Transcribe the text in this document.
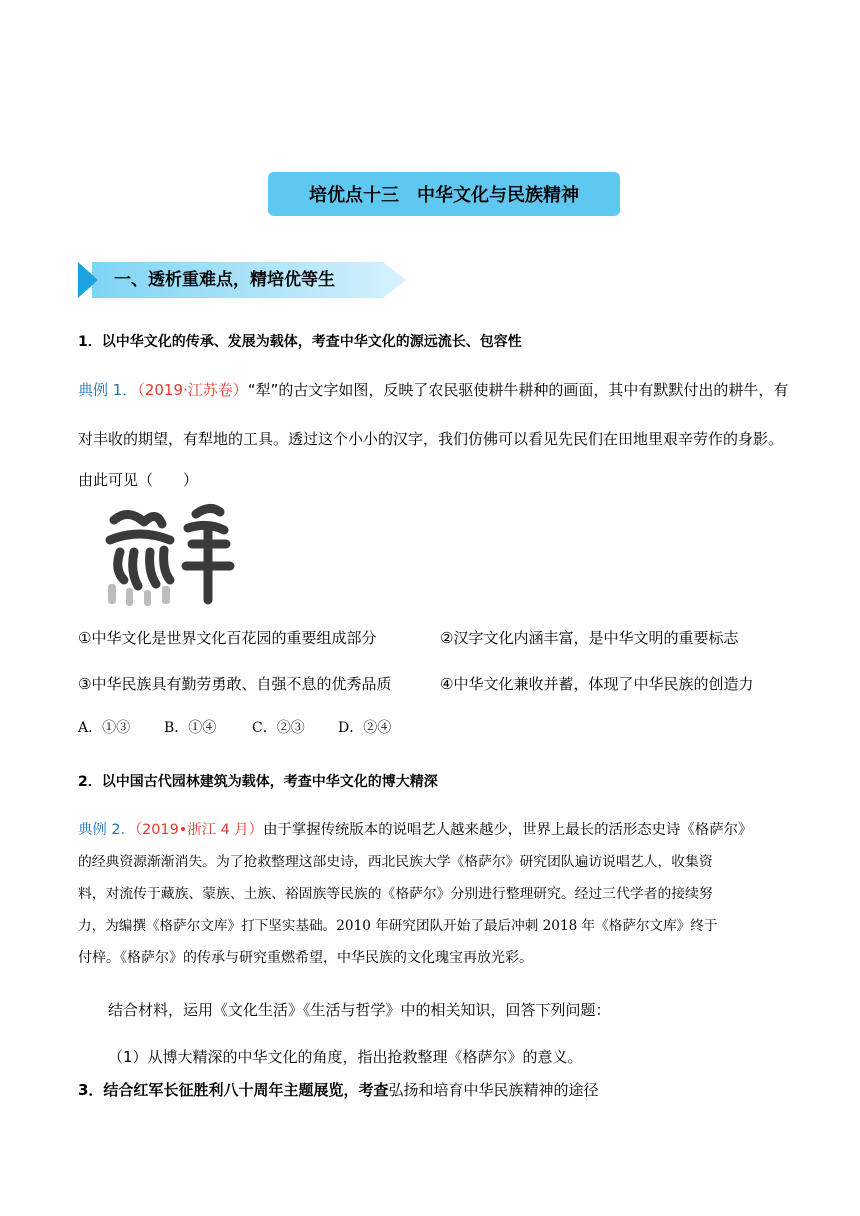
培优点十三　中华文化与民族精神
一、透析重难点，精培优等生
1．以中华文化的传承、发展为载体，考查中华文化的源远流长、包容性
典例 1．（2019·江苏卷）“犁”的古文字如图，反映了农民驱使耕牛耕种的画面，其中有默默付出的耕牛，有
对丰收的期望，有犁地的工具。透过这个小小的汉字，我们仿佛可以看见先民们在田地里艰辛劳作的身影。
由此可见（　　）
①中华文化是世界文化百花园的重要组成部分	②汉字文化内涵丰富，是中华文明的重要标志
③中华民族具有勤劳勇敢、自强不息的优秀品质	④中华文化兼收并蓄，体现了中华民族的创造力
A．①③ B．①④	C．②③ D．②④
2．以中国古代园林建筑为载体，考查中华文化的博大精深
典例 2．（2019•浙江 4 月）由于掌握传统版本的说唱艺人越来越少，世界上最长的活形态史诗《格萨尔》
的经典资源渐渐消失。为了抢救整理这部史诗，西北民族大学《格萨尔》研究团队遍访说唱艺人，收集资
料，对流传于藏族、蒙族、土族、裕固族等民族的《格萨尔》分别进行整理研究。经过三代学者的接续努
力，为编撰《格萨尔文库》打下坚实基础。2010 年研究团队开始了最后冲刺 2018 年《格萨尔文库》终于
付梓。《格萨尔》的传承与研究重燃希望，中华民族的文化瑰宝再放光彩。
结合材料，运用《文化生活》《生活与哲学》中的相关知识，回答下列问题：
（1）从博大精深的中华文化的角度，指出抢救整理《格萨尔》的意义。
3．结合红军长征胜利八十周年主题展览，考查弘扬和培育中华民族精神的途径
